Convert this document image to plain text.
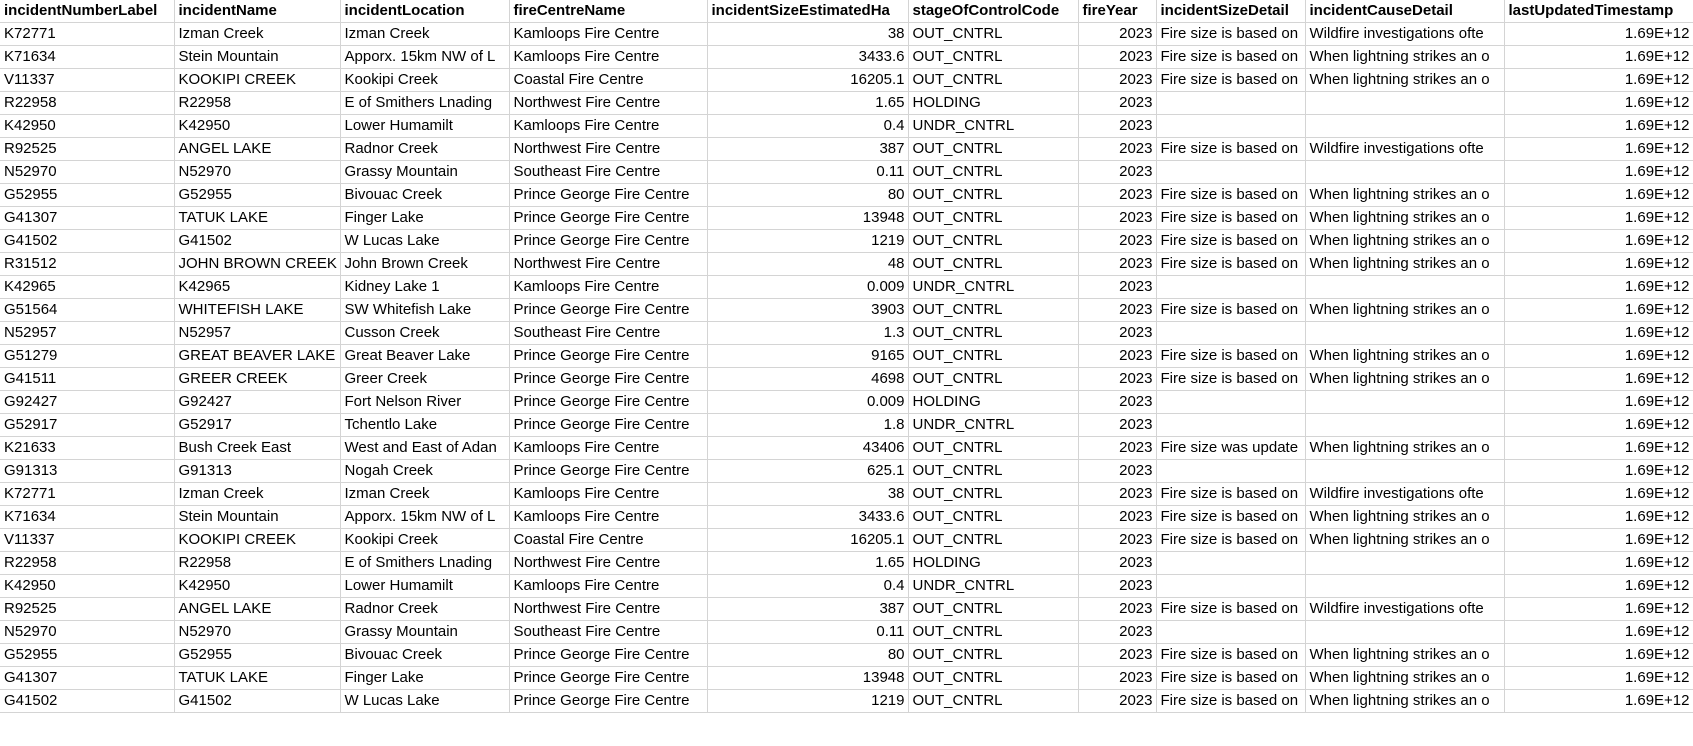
incidentNumberLabel	incidentName	incidentLocation	fireCentreName	incidentSizeEstimatedHa	stageOfControlCode	fireYear	incidentSizeDetail	incidentCauseDetail	lastUpdatedTimestamp
K72771	Izman Creek	Izman Creek	Kamloops Fire Centre	38	OUT_CNTRL	2023	Fire size is based on	Wildfire investigations ofte	1.69E+12
K71634	Stein Mountain	Apporx. 15km NW of L	Kamloops Fire Centre	3433.6	OUT_CNTRL	2023	Fire size is based on	When lightning strikes an o	1.69E+12
V11337	KOOKIPI CREEK	Kookipi Creek	Coastal Fire Centre	16205.1	OUT_CNTRL	2023	Fire size is based on	When lightning strikes an o	1.69E+12
R22958	R22958	E of Smithers Lnading	Northwest Fire Centre	1.65	HOLDING	2023			1.69E+12
K42950	K42950	Lower Humamilt	Kamloops Fire Centre	0.4	UNDR_CNTRL	2023			1.69E+12
R92525	ANGEL LAKE	Radnor Creek	Northwest Fire Centre	387	OUT_CNTRL	2023	Fire size is based on	Wildfire investigations ofte	1.69E+12
N52970	N52970	Grassy Mountain	Southeast Fire Centre	0.11	OUT_CNTRL	2023			1.69E+12
G52955	G52955	Bivouac Creek	Prince George Fire Centre	80	OUT_CNTRL	2023	Fire size is based on	When lightning strikes an o	1.69E+12
G41307	TATUK LAKE	Finger Lake	Prince George Fire Centre	13948	OUT_CNTRL	2023	Fire size is based on	When lightning strikes an o	1.69E+12
G41502	G41502	W Lucas Lake	Prince George Fire Centre	1219	OUT_CNTRL	2023	Fire size is based on	When lightning strikes an o	1.69E+12
R31512	JOHN BROWN CREEK	John Brown Creek	Northwest Fire Centre	48	OUT_CNTRL	2023	Fire size is based on	When lightning strikes an o	1.69E+12
K42965	K42965	Kidney Lake 1	Kamloops Fire Centre	0.009	UNDR_CNTRL	2023			1.69E+12
G51564	WHITEFISH LAKE	SW Whitefish Lake	Prince George Fire Centre	3903	OUT_CNTRL	2023	Fire size is based on	When lightning strikes an o	1.69E+12
N52957	N52957	Cusson Creek	Southeast Fire Centre	1.3	OUT_CNTRL	2023			1.69E+12
G51279	GREAT BEAVER LAKE	Great Beaver Lake	Prince George Fire Centre	9165	OUT_CNTRL	2023	Fire size is based on	When lightning strikes an o	1.69E+12
G41511	GREER CREEK	Greer Creek	Prince George Fire Centre	4698	OUT_CNTRL	2023	Fire size is based on	When lightning strikes an o	1.69E+12
G92427	G92427	Fort Nelson River	Prince George Fire Centre	0.009	HOLDING	2023			1.69E+12
G52917	G52917	Tchentlo Lake	Prince George Fire Centre	1.8	UNDR_CNTRL	2023			1.69E+12
K21633	Bush Creek East	West and East of Adan	Kamloops Fire Centre	43406	OUT_CNTRL	2023	Fire size was update	When lightning strikes an o	1.69E+12
G91313	G91313	Nogah Creek	Prince George Fire Centre	625.1	OUT_CNTRL	2023			1.69E+12
K72771	Izman Creek	Izman Creek	Kamloops Fire Centre	38	OUT_CNTRL	2023	Fire size is based on	Wildfire investigations ofte	1.69E+12
K71634	Stein Mountain	Apporx. 15km NW of L	Kamloops Fire Centre	3433.6	OUT_CNTRL	2023	Fire size is based on	When lightning strikes an o	1.69E+12
V11337	KOOKIPI CREEK	Kookipi Creek	Coastal Fire Centre	16205.1	OUT_CNTRL	2023	Fire size is based on	When lightning strikes an o	1.69E+12
R22958	R22958	E of Smithers Lnading	Northwest Fire Centre	1.65	HOLDING	2023			1.69E+12
K42950	K42950	Lower Humamilt	Kamloops Fire Centre	0.4	UNDR_CNTRL	2023			1.69E+12
R92525	ANGEL LAKE	Radnor Creek	Northwest Fire Centre	387	OUT_CNTRL	2023	Fire size is based on	Wildfire investigations ofte	1.69E+12
N52970	N52970	Grassy Mountain	Southeast Fire Centre	0.11	OUT_CNTRL	2023			1.69E+12
G52955	G52955	Bivouac Creek	Prince George Fire Centre	80	OUT_CNTRL	2023	Fire size is based on	When lightning strikes an o	1.69E+12
G41307	TATUK LAKE	Finger Lake	Prince George Fire Centre	13948	OUT_CNTRL	2023	Fire size is based on	When lightning strikes an o	1.69E+12
G41502	G41502	W Lucas Lake	Prince George Fire Centre	1219	OUT_CNTRL	2023	Fire size is based on	When lightning strikes an o	1.69E+12
